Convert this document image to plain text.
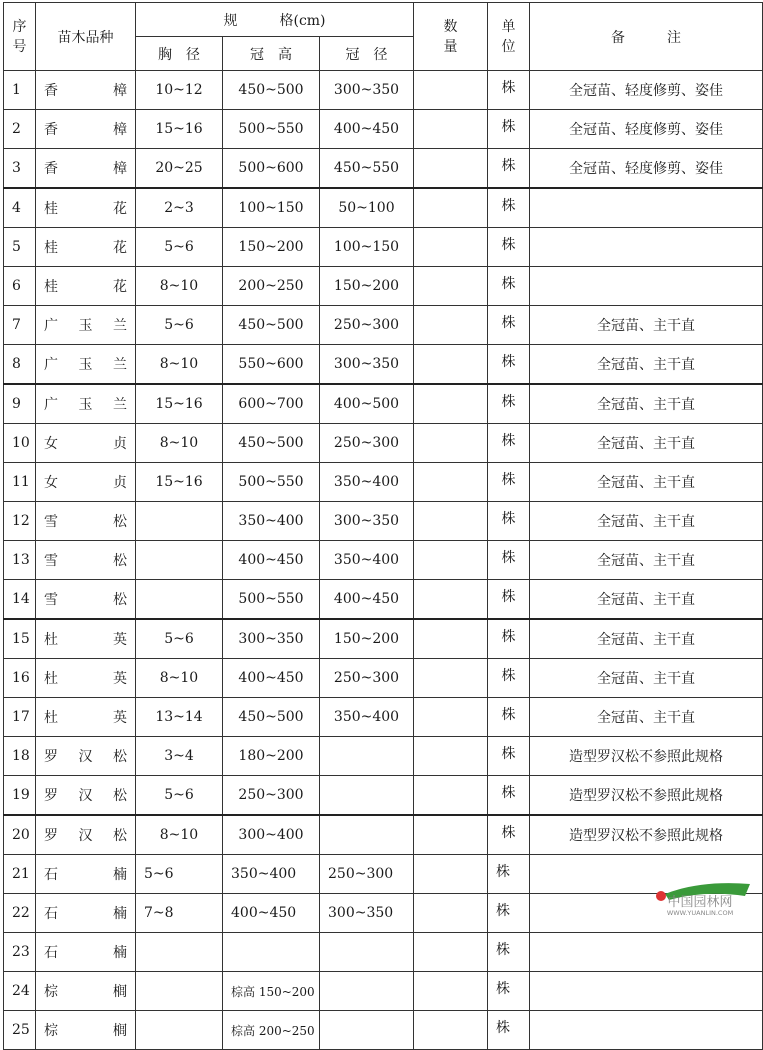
序号	苗木品种	规　　　格(cm)			数量	单位	备　　　注
		胸　径	冠　高	冠　径			
1	香 樟	10~12	450~500	300~350		株	全冠苗、轻度修剪、姿佳
2	香 樟	15~16	500~550	400~450		株	全冠苗、轻度修剪、姿佳
3	香 樟	20~25	500~600	450~550		株	全冠苗、轻度修剪、姿佳
4	桂 花	2~3	100~150	50~100		株	
5	桂 花	5~6	150~200	100~150		株	
6	桂 花	8~10	200~250	150~200		株	
7	广 玉 兰	5~6	450~500	250~300		株	全冠苗、主干直
8	广 玉 兰	8~10	550~600	300~350		株	全冠苗、主干直
9	广 玉 兰	15~16	600~700	400~500		株	全冠苗、主干直
10	女 贞	8~10	450~500	250~300		株	全冠苗、主干直
11	女 贞	15~16	500~550	350~400		株	全冠苗、主干直
12	雪 松		350~400	300~350		株	全冠苗、主干直
13	雪 松		400~450	350~400		株	全冠苗、主干直
14	雪 松		500~550	400~450		株	全冠苗、主干直
15	杜 英	5~6	300~350	150~200		株	全冠苗、主干直
16	杜 英	8~10	400~450	250~300		株	全冠苗、主干直
17	杜 英	13~14	450~500	350~400		株	全冠苗、主干直
18	罗 汉 松	3~4	180~200			株	造型罗汉松不参照此规格
19	罗 汉 松	5~6	250~300			株	造型罗汉松不参照此规格
20	罗 汉 松	8~10	300~400			株	造型罗汉松不参照此规格
21	石 楠	5~6	350~400	250~300		株	
22	石 楠	7~8	400~450	300~350		株	
23	石 楠					株	
24	棕 榈		棕高 150~200			株	
25	棕 榈		棕高 200~250			株	
中国园林网
WWW.YUANLIN.COM
